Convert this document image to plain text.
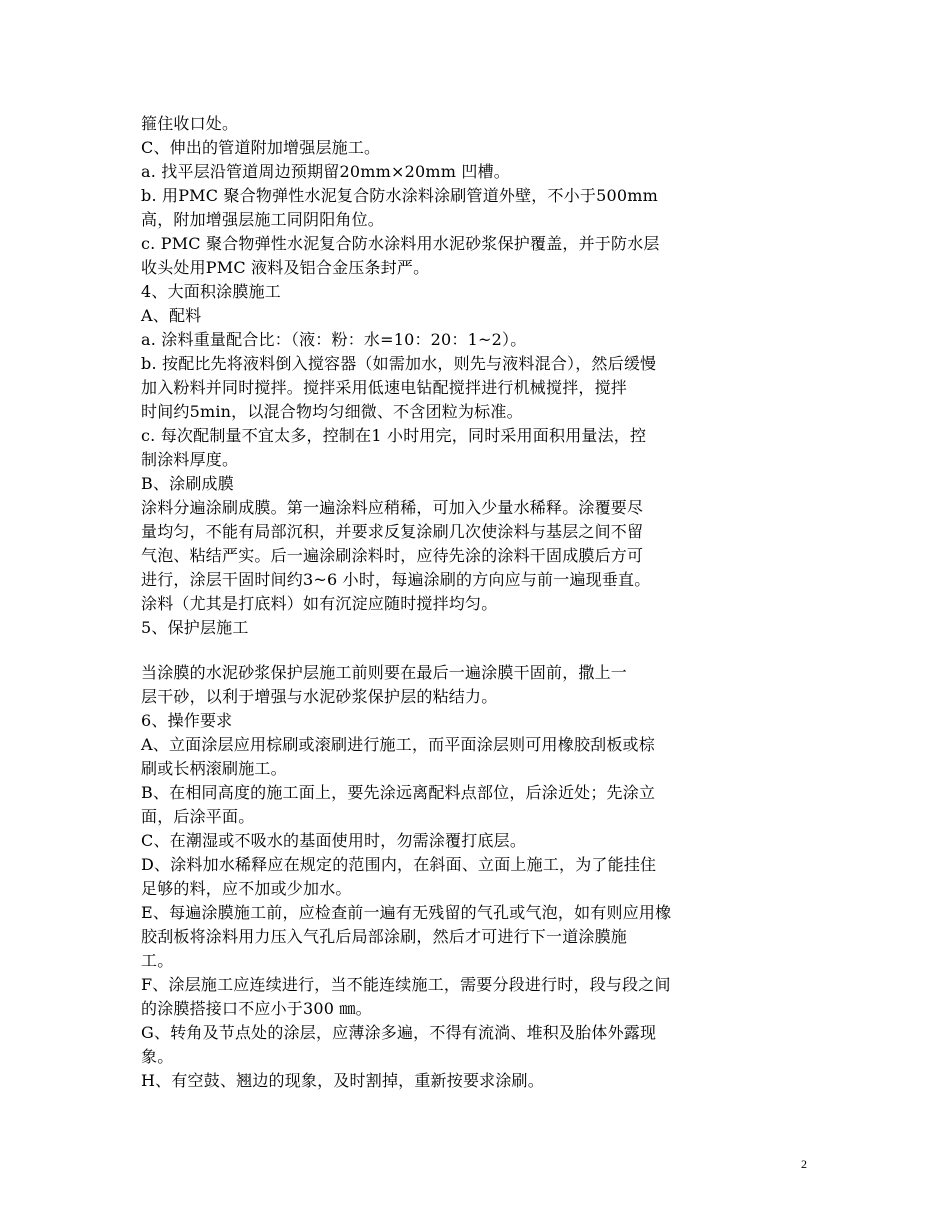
箍住收口处。
C、伸出的管道附加增强层施工。
a. 找平层沿管道周边预期留20mm×20mm 凹槽。
b. 用PMC 聚合物弹性水泥复合防水涂料涂刷管道外壁，不小于500mm
高，附加增强层施工同阴阳角位。
c. PMC 聚合物弹性水泥复合防水涂料用水泥砂浆保护覆盖，并于防水层
收头处用PMC 液料及铝合金压条封严。
4、大面积涂膜施工
A、配料
a. 涂料重量配合比：（液：粉：水=10：20：1~2）。
b. 按配比先将液料倒入搅容器（如需加水，则先与液料混合），然后缓慢
加入粉料并同时搅拌。搅拌采用低速电钻配搅拌进行机械搅拌，搅拌
时间约5min，以混合物均匀细微、不含团粒为标准。
c. 每次配制量不宜太多，控制在1 小时用完，同时采用面积用量法，控
制涂料厚度。
B、涂刷成膜
涂料分遍涂刷成膜。第一遍涂料应稍稀，可加入少量水稀释。涂覆要尽
量均匀，不能有局部沉积，并要求反复涂刷几次使涂料与基层之间不留
气泡、粘结严实。后一遍涂刷涂料时，应待先涂的涂料干固成膜后方可
进行，涂层干固时间约3~6 小时，每遍涂刷的方向应与前一遍现垂直。
涂料（尤其是打底料）如有沉淀应随时搅拌均匀。
5、保护层施工
当涂膜的水泥砂浆保护层施工前则要在最后一遍涂膜干固前，撒上一
层干砂，以利于增强与水泥砂浆保护层的粘结力。
6、操作要求
A、立面涂层应用棕刷或滚刷进行施工，而平面涂层则可用橡胶刮板或棕
刷或长柄滚刷施工。
B、在相同高度的施工面上，要先涂远离配料点部位，后涂近处；先涂立
面，后涂平面。
C、在潮湿或不吸水的基面使用时，勿需涂覆打底层。
D、涂料加水稀释应在规定的范围内，在斜面、立面上施工，为了能挂住
足够的料，应不加或少加水。
E、每遍涂膜施工前，应检查前一遍有无残留的气孔或气泡，如有则应用橡
胶刮板将涂料用力压入气孔后局部涂刷，然后才可进行下一道涂膜施
工。
F、涂层施工应连续进行，当不能连续施工，需要分段进行时，段与段之间
的涂膜搭接口不应小于300 ㎜。
G、转角及节点处的涂层，应薄涂多遍，不得有流淌、堆积及胎体外露现
象。
H、有空鼓、翘边的现象，及时割掉，重新按要求涂刷。
2
